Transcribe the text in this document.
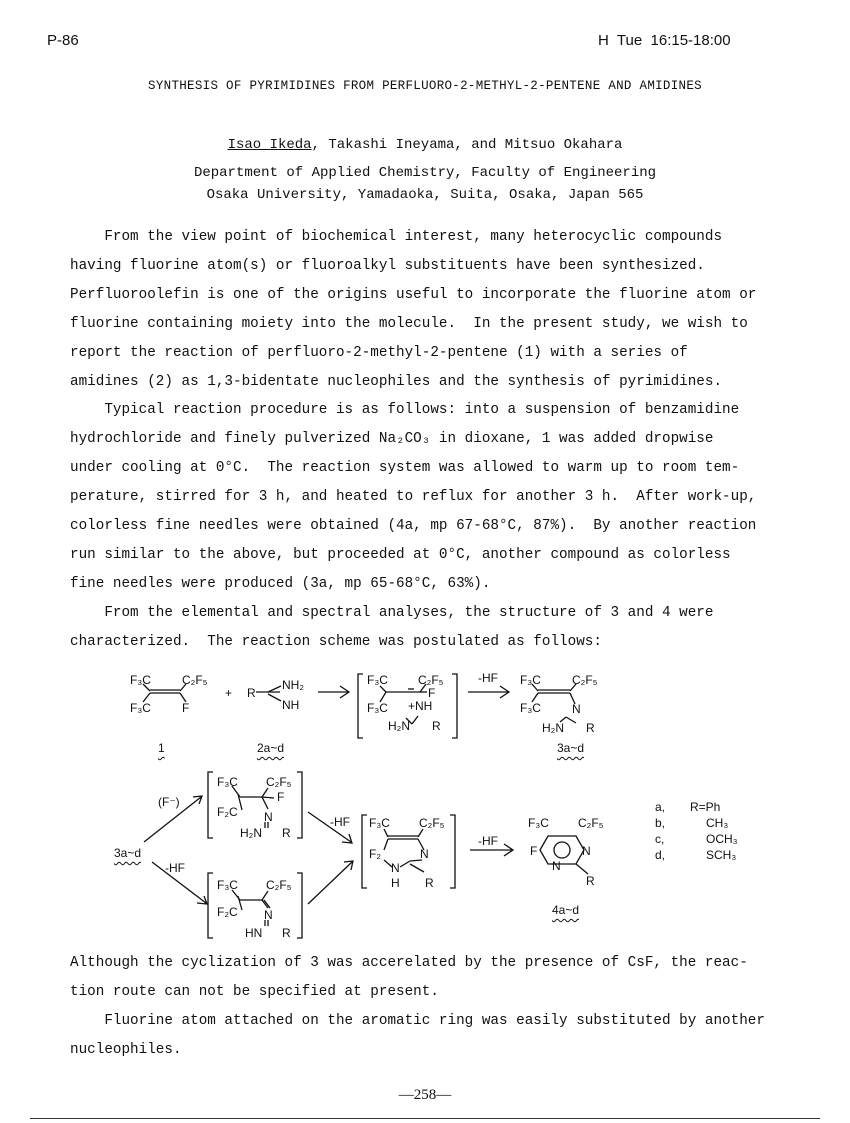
P-86	H  Tue  16:15-18:00
SYNTHESIS OF PYRIMIDINES FROM PERFLUORO-2-METHYL-2-PENTENE AND AMIDINES
Isao Ikeda, Takashi Ineyama, and Mitsuo Okahara
Department of Applied Chemistry, Faculty of Engineering
Osaka University, Yamadaoka, Suita, Osaka, Japan 565
From the view point of biochemical interest, many heterocyclic compounds
having fluorine atom(s) or fluoroalkyl substituents have been synthesized.
Perfluoroolefin is one of the origins useful to incorporate the fluorine atom or
fluorine containing moiety into the molecule.  In the present study, we wish to
report the reaction of perfluoro-2-methyl-2-pentene (1) with a series of
amidines (2) as 1,3-bidentate nucleophiles and the synthesis of pyrimidines.
Typical reaction procedure is as follows: into a suspension of benzamidine
hydrochloride and finely pulverized Na₂CO₃ in dioxane, 1 was added dropwise
under cooling at 0°C.  The reaction system was allowed to warm up to room tem-
perature, stirred for 3 h, and heated to reflux for another 3 h.  After work-up,
colorless fine needles were obtained (4a, mp 67-68°C, 87%).  By another reaction
run similar to the above, but proceeded at 0°C, another compound as colorless
fine needles were produced (3a, mp 65-68°C, 63%).
From the elemental and spectral analyses, the structure of 3 and 4 were
characterized.  The reaction scheme was postulated as follows:
F₃C	C₂F₅
F₃C	F
+ R
NH₂
NH
F₃C	C₂F₅
F
F₃C +NH
H₂N R
-HF F₃C	C₂F₅
F₃C	N
H₂N R
1	2a~d	3a~d
(F⁻)
F₃C C₂F₅
F
F₂C N
H₂N R
3a~d
-HF
F₃C C₂F₅
F₂C N
HN R
-HF F₃C C₂F₅
F₂	N
N
H R
-HF
F₃C C₂F₅
F	N
N
R
4a~d
a, R=Ph
b,	CH₃
c,	OCH₃
d,	SCH₃
Although the cyclization of 3 was accerelated by the presence of CsF, the reac-
tion route can not be specified at present.
Fluorine atom attached on the aromatic ring was easily substituted by another
nucleophiles.
—258—
